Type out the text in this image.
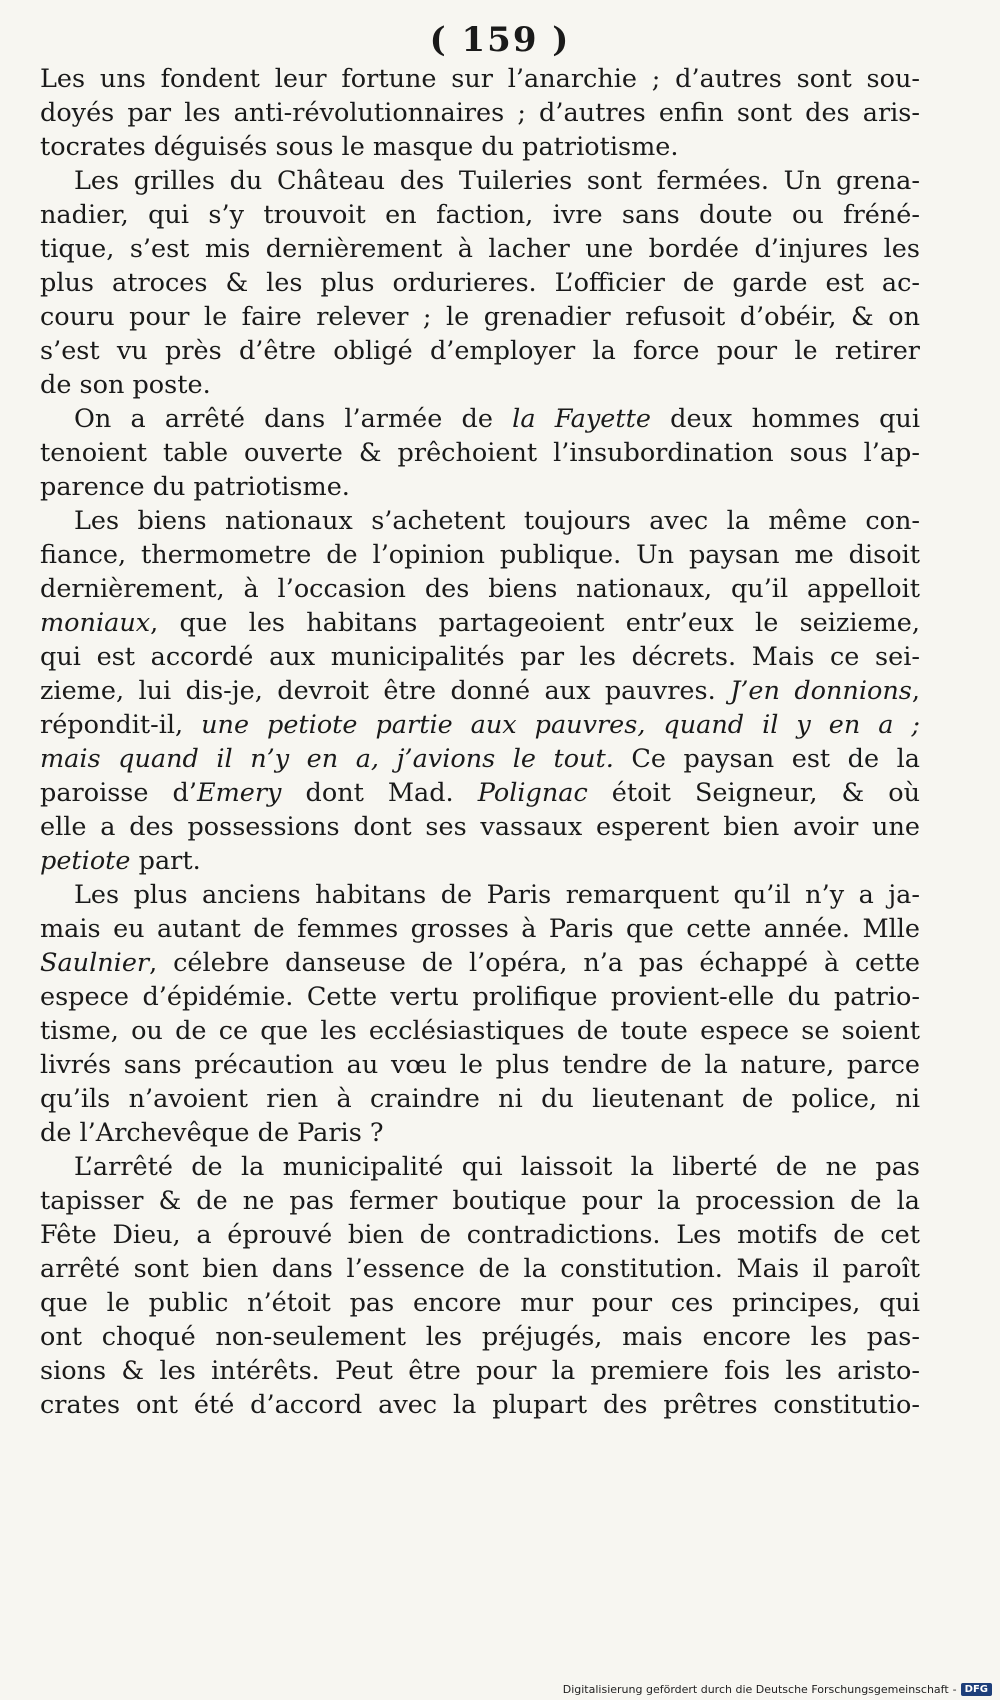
( 159 )
Les uns fondent leur fortune sur l’anarchie ; d’autres sont sou-
doyés par les anti-révolutionnaires ; d’autres enfin sont des aris-
tocrates déguisés sous le masque du patriotisme.
Les grilles du Château des Tuileries sont fermées. Un grena-
nadier, qui s’y trouvoit en faction, ivre sans doute ou fréné-
tique, s’est mis dernièrement à lacher une bordée d’injures les
plus atroces & les plus ordurieres. L’officier de garde est ac-
couru pour le faire relever ; le grenadier refusoit d’obéir, & on
s’est vu près d’être obligé d’employer la force pour le retirer
de son poste.
On a arrêté dans l’armée de la Fayette deux hommes qui
tenoient table ouverte & prêchoient l’insubordination sous l’ap-
parence du patriotisme.
Les biens nationaux s’achetent toujours avec la même con-
fiance, thermometre de l’opinion publique. Un paysan me disoit
dernièrement, à l’occasion des biens nationaux, qu’il appelloit
moniaux, que les habitans partageoient entr’eux le seizieme,
qui est accordé aux municipalités par les décrets. Mais ce sei-
zieme, lui dis-je, devroit être donné aux pauvres. J’en donnions,
répondit-il, une petiote partie aux pauvres, quand il y en a ;
mais quand il n’y en a, j’avions le tout. Ce paysan est de la
paroisse d’Emery dont Mad. Polignac étoit Seigneur, & où
elle a des possessions dont ses vassaux esperent bien avoir une
petiote part.
Les plus anciens habitans de Paris remarquent qu’il n’y a ja-
mais eu autant de femmes grosses à Paris que cette année. Mlle
Saulnier, célebre danseuse de l’opéra, n’a pas échappé à cette
espece d’épidémie. Cette vertu prolifique provient-elle du patrio-
tisme, ou de ce que les ecclésiastiques de toute espece se soient
livrés sans précaution au vœu le plus tendre de la nature, parce
qu’ils n’avoient rien à craindre ni du lieutenant de police, ni
de l’Archevêque de Paris ?
L’arrêté de la municipalité qui laissoit la liberté de ne pas
tapisser & de ne pas fermer boutique pour la procession de la
Fête Dieu, a éprouvé bien de contradictions. Les motifs de cet
arrêté sont bien dans l’essence de la constitution. Mais il paroît
que le public n’étoit pas encore mur pour ces principes, qui
ont choqué non-seulement les préjugés, mais encore les pas-
sions & les intérêts. Peut être pour la premiere fois les aristo-
crates ont été d’accord avec la plupart des prêtres constitutio-
Digitalisierung gefördert durch die Deutsche Forschungsgemeinschaft - DFG
